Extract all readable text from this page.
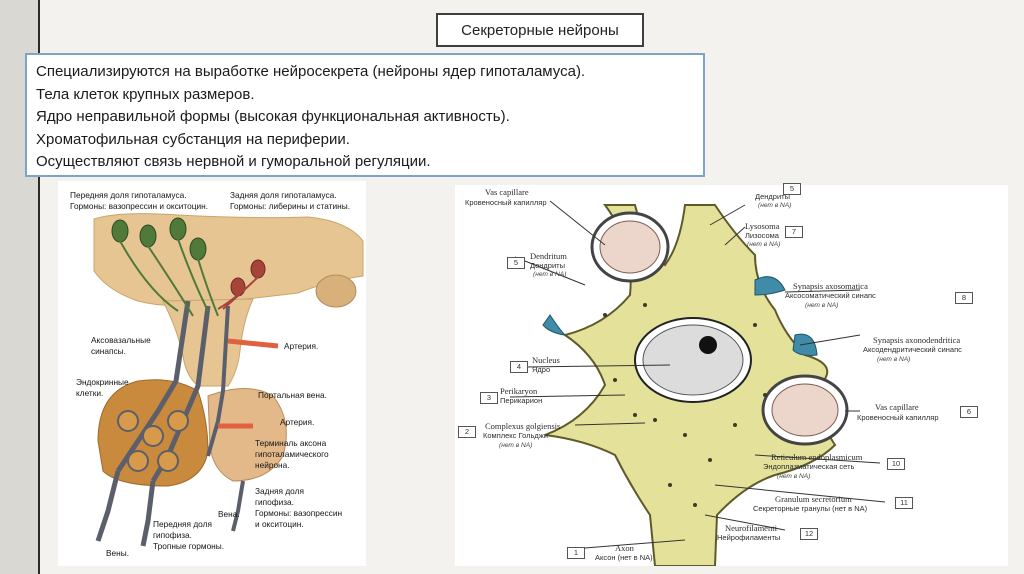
Секреторные нейроны
Специализируются на выработке нейросекрета (нейроны ядер гипоталамуса).
Тела клеток крупных размеров.
Ядро неправильной формы (высокая функциональная активность).
Хроматофильная субстанция на периферии.
Осуществляют связь нервной и гуморальной регуляции.
Передняя доля гипоталамуса.
Гормоны: вазопрессин и окситоцин.
Задняя доля гипоталамуса.
Гормоны: либерины и статины.
Аксовазальные
синапсы.	Артерия.
Эндокринные
клетки.	Портальная вена.
Артерия.
Терминаль аксона
гипоталамического
нейрона.
Задняя доля
гипофиза.
Гормоны: вазопрессин
и окситоцин.
Вена.
Передняя доля
гипофиза.
Тропные гормоны.
Вены.
Vas capillare
Кровеносный капилляр
5
Дендриты
(нет в NA)
Lysosoma
Лизосома
(нет в NA)
7
5
Dendritum
Дендриты
(нет в NA)
Synapsis axosomatica
Аксосоматический синапс
(нет в NA)
8
Synapsis axonodendritica
Аксодендритический синапс
(нет в NA)
4
Nucleus
Ядро
3
Perikaryon
Перикарион
Vas capillare
Кровеносный капилляр
6
2
Complexus golgiensis
Комплекс Гольджи
(нет в NA)
Reticulum endoplasmicum
Эндоплазматическая сеть
(нет в NA)
10
Granulum secretorium
Секреторные гранулы (нет в NA)
11
Neurofilamenti
Нейрофиламенты	12
1	Axon
Аксон (нет в NA)
